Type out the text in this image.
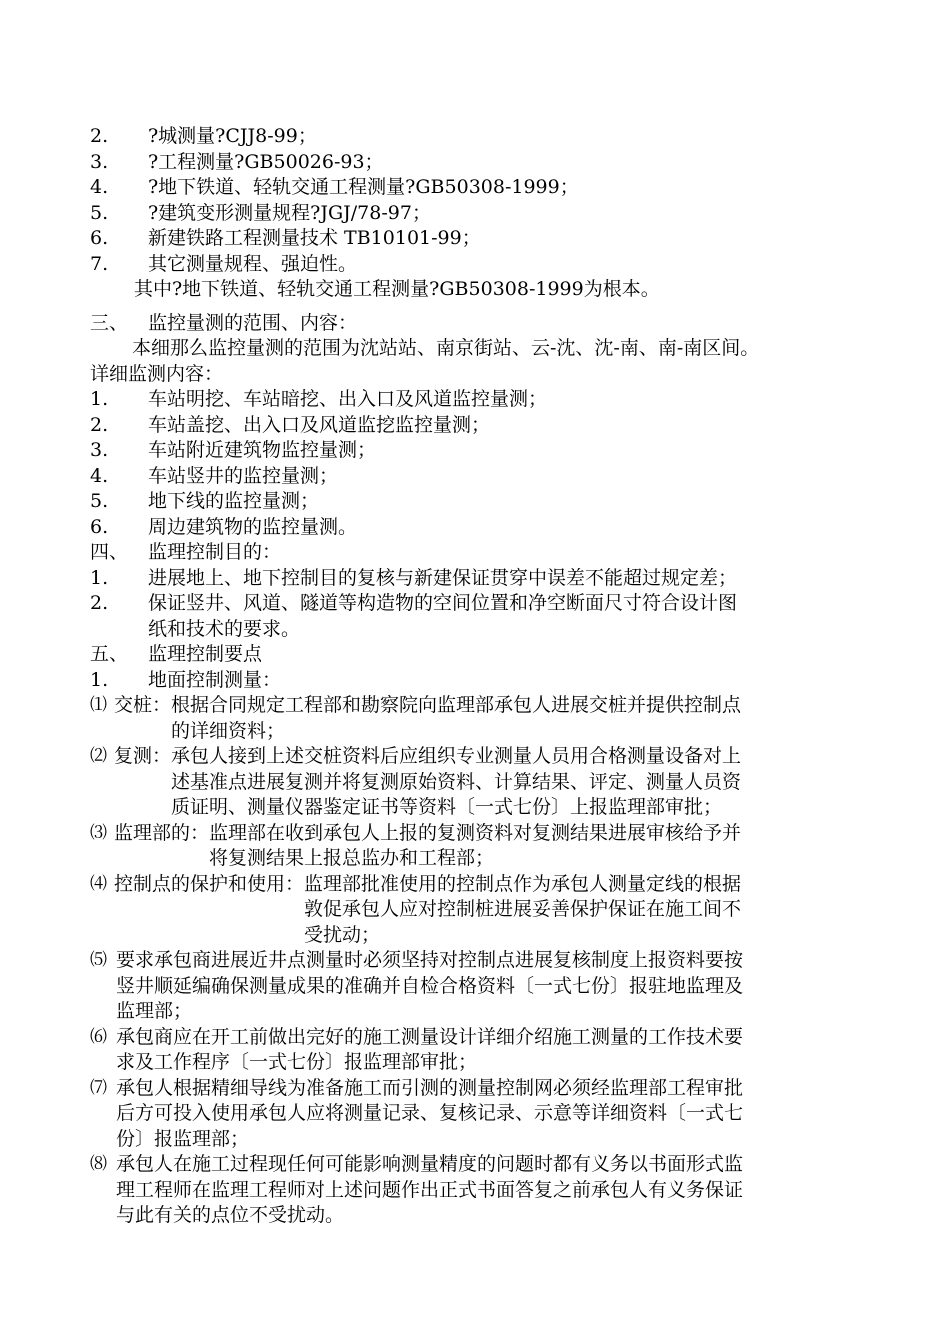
2.	?城测量?CJJ8-99；
3.	?工程测量?GB50026-93；
4.	?地下铁道、轻轨交通工程测量?GB50308-1999；
5.	?建筑变形测量规程?JGJ/78-97；
6.	新建铁路工程测量技术 TB10101-99；
7.	其它测量规程、强迫性。
其中?地下铁道、轻轨交通工程测量?GB50308-1999为根本。
三、	监控量测的范围、内容：
本细那么监控量测的范围为沈站站、南京街站、云-沈、沈-南、南-南区间。
详细监测内容：
1.	车站明挖、车站暗挖、出入口及风道监控量测；
2.	车站盖挖、出入口及风道监挖监控量测；
3.	车站附近建筑物监控量测；
4.	车站竖井的监控量测；
5.	地下线的监控量测；
6.	周边建筑物的监控量测。
四、	监理控制目的：
1.	进展地上、地下控制目的复核与新建保证贯穿中误差不能超过规定差；
2.	保证竖井、风道、隧道等构造物的空间位置和净空断面尺寸符合设计图
纸和技术的要求。
五、	监理控制要点
1.	地面控制测量：
⑴ 交桩： 根据合同规定工程部和勘察院向监理部承包人进展交桩并提供控制点
的详细资料；
⑵ 复测： 承包人接到上述交桩资料后应组织专业测量人员用合格测量设备对上
述基准点进展复测并将复测原始资料、计算结果、评定、测量人员资
质证明、测量仪器鉴定证书等资料〔一式七份〕上报监理部审批；
⑶ 监理部的： 监理部在收到承包人上报的复测资料对复测结果进展审核给予并
将复测结果上报总监办和工程部；
⑷ 控制点的保护和使用： 监理部批准使用的控制点作为承包人测量定线的根据
敦促承包人应对控制桩进展妥善保护保证在施工间不
受扰动；
⑸ 要求承包商进展近井点测量时必须坚持对控制点进展复核制度上报资料要按
竖井顺延编确保测量成果的准确并自检合格资料〔一式七份〕报驻地监理及
监理部；
⑹ 承包商应在开工前做出完好的施工测量设计详细介绍施工测量的工作技术要
求及工作程序〔一式七份〕报监理部审批；
⑺ 承包人根据精细导线为准备施工而引测的测量控制网必须经监理部工程审批
后方可投入使用承包人应将测量记录、复核记录、示意等详细资料〔一式七
份〕报监理部；
⑻ 承包人在施工过程现任何可能影响测量精度的问题时都有义务以书面形式监
理工程师在监理工程师对上述问题作出正式书面答复之前承包人有义务保证
与此有关的点位不受扰动。
